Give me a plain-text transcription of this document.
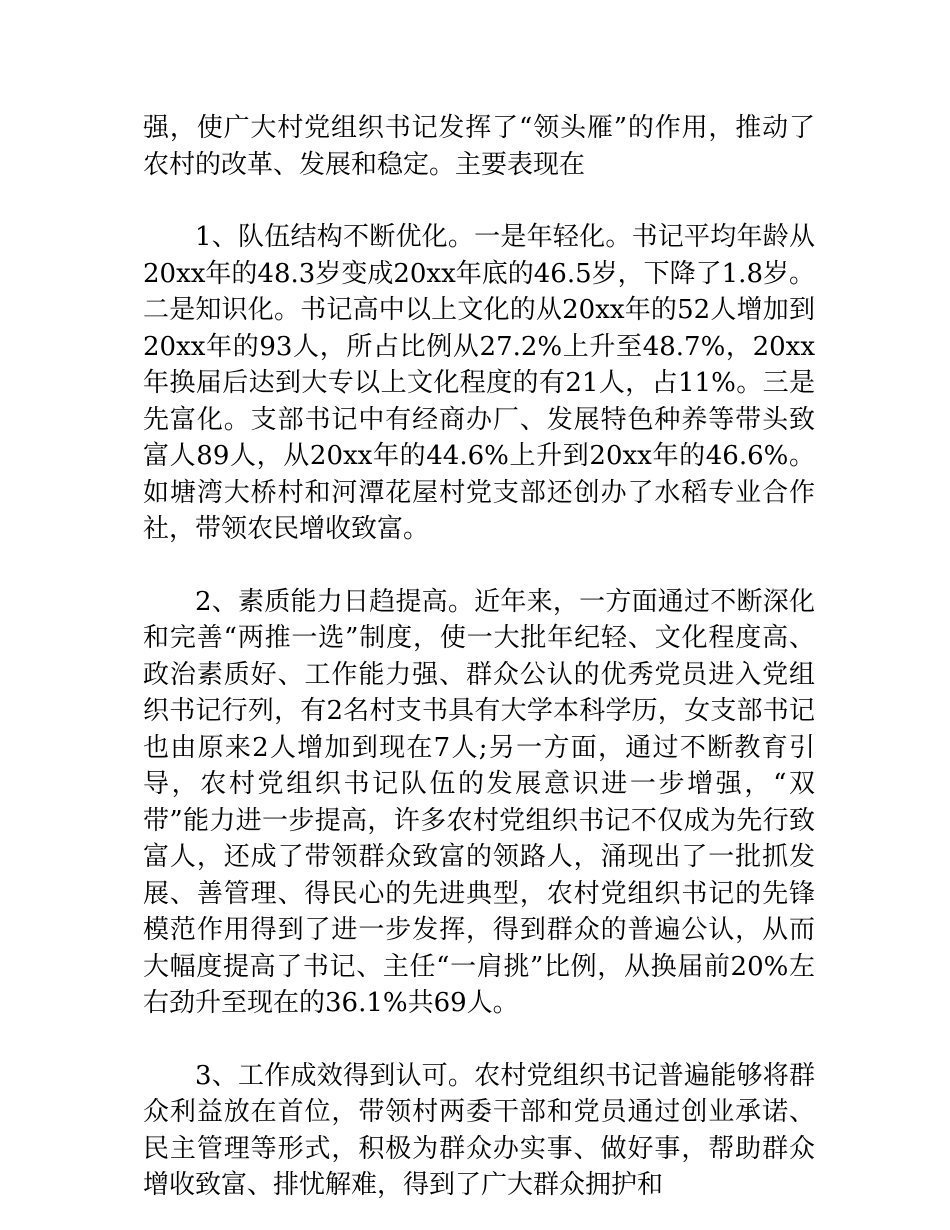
强，使广大村党组织书记发挥了“领头雁”的作用，推动了农村的改革、发展和稳定。主要表现在

1、队伍结构不断优化。一是年轻化。书记平均年龄从20xx年的48.3岁变成20xx年底的46.5岁，下降了1.8岁。二是知识化。书记高中以上文化的从20xx年的52人增加到20xx年的93人，所占比例从27.2%上升至48.7%，20xx年换届后达到大专以上文化程度的有21人，占11%。三是先富化。支部书记中有经商办厂、发展特色种养等带头致富人89人，从20xx年的44.6%上升到20xx年的46.6%。如塘湾大桥村和河潭花屋村党支部还创办了水稻专业合作社，带领农民增收致富。

2、素质能力日趋提高。近年来，一方面通过不断深化和完善“两推一选”制度，使一大批年纪轻、文化程度高、政治素质好、工作能力强、群众公认的优秀党员进入党组织书记行列，有2名村支书具有大学本科学历，女支部书记也由原来2人增加到现在7人;另一方面，通过不断教育引导，农村党组织书记队伍的发展意识进一步增强，“双带”能力进一步提高，许多农村党组织书记不仅成为先行致富人，还成了带领群众致富的领路人，涌现出了一批抓发展、善管理、得民心的先进典型，农村党组织书记的先锋模范作用得到了进一步发挥，得到群众的普遍公认，从而大幅度提高了书记、主任“一肩挑”比例，从换届前20%左右劲升至现在的36.1%共69人。

3、工作成效得到认可。农村党组织书记普遍能够将群众利益放在首位，带领村两委干部和党员通过创业承诺、民主管理等形式，积极为群众办实事、做好事，帮助群众增收致富、排忧解难，得到了广大群众拥护和
